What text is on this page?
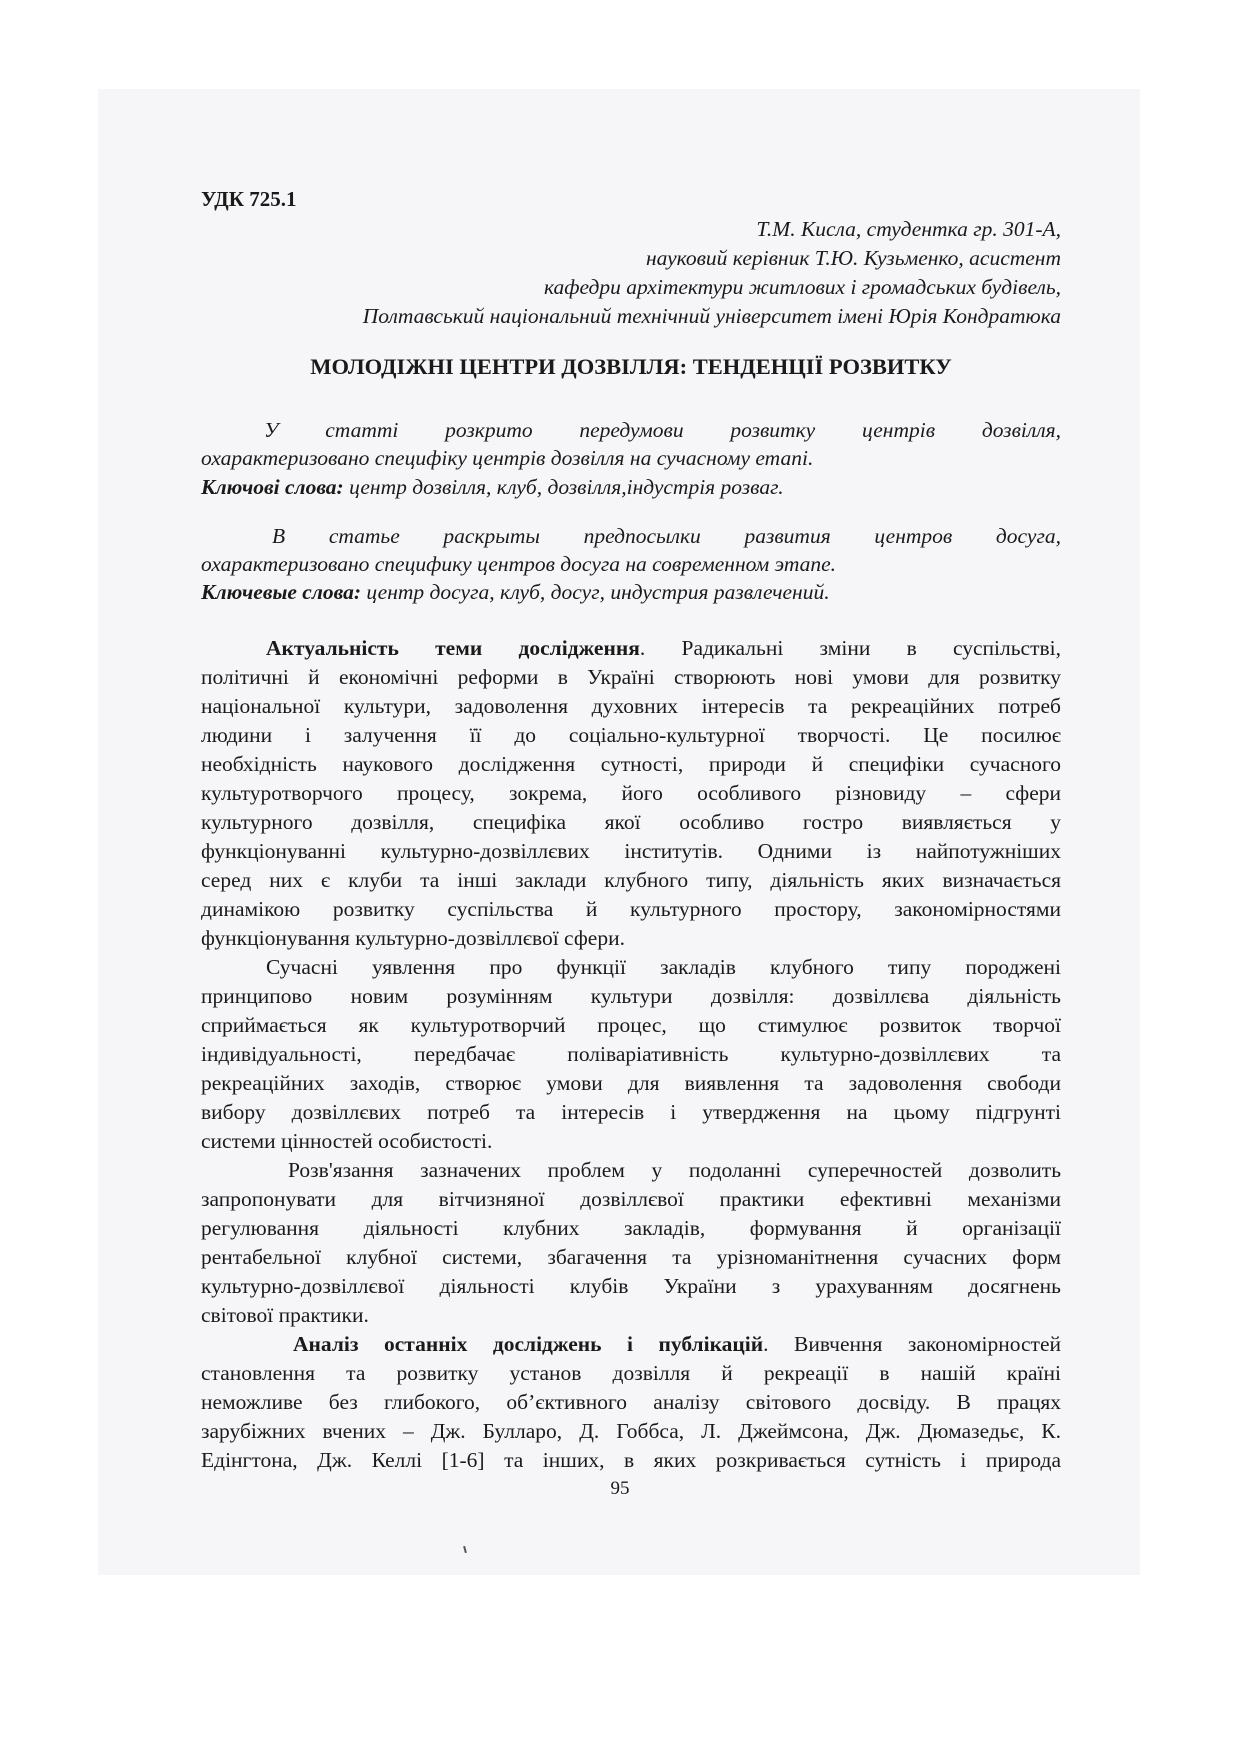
УДК 725.1
Т.М. Кисла, студентка гр. 301-А,
науковий керівник Т.Ю. Кузьменко, асистент
кафедри архітектури житлових і громадських будівель,
Полтавський національний технічний університет імені Юрія Кондратюка
МОЛОДІЖНІ ЦЕНТРИ ДОЗВІЛЛЯ: ТЕНДЕНЦІЇ РОЗВИТКУ
У статті розкрито передумови розвитку центрів дозвілля,
охарактеризовано специфіку центрів дозвілля на сучасному етапі.
Ключові слова: центр дозвілля, клуб, дозвілля,індустрія розваг.
В статье раскрыты предпосылки развития центров досуга,
охарактеризовано специфику центров досуга на современном этапе.
Ключевые слова: центр досуга, клуб, досуг, индустрия развлечений.
Актуальність теми дослідження. Радикальні зміни в суспільстві,
політичні й економічні реформи в Україні створюють нові умови для розвитку
національної культури, задоволення духовних інтересів та рекреаційних потреб
людини і залучення її до соціально-культурної творчості. Це посилює
необхідність наукового дослідження сутності, природи й специфіки сучасного
культуротворчого процесу, зокрема, його особливого різновиду – сфери
культурного дозвілля, специфіка якої особливо гостро виявляється у
функціонуванні культурно-дозвіллєвих інститутів. Одними із найпотужніших
серед них є клуби та інші заклади клубного типу, діяльність яких визначається
динамікою розвитку суспільства й культурного простору, закономірностями
функціонування культурно-дозвіллєвої сфери.
Сучасні уявлення про функції закладів клубного типу породжені
принципово новим розумінням культури дозвілля: дозвіллєва діяльність
сприймається як культуротворчий процес, що стимулює розвиток творчої
індивідуальності, передбачає поліваріативність культурно-дозвіллєвих та
рекреаційних заходів, створює умови для виявлення та задоволення свободи
вибору дозвіллєвих потреб та інтересів і утвердження на цьому підгрунті
системи цінностей особистості.
Розв'язання зазначених проблем у подоланні суперечностей дозволить
запропонувати для вітчизняної дозвіллєвої практики ефективні механізми
регулювання діяльності клубних закладів, формування й організації
рентабельної клубної системи, збагачення та урізноманітнення сучасних форм
культурно-дозвіллєвої діяльності клубів України з урахуванням досягнень
світової практики.
Аналіз останніх досліджень і публікацій. Вивчення закономірностей
становлення та розвитку установ дозвілля й рекреації в нашій країні
неможливе без глибокого, об’єктивного аналізу світового досвіду. В працях
зарубіжних вчених – Дж. Булларо, Д. Гоббса, Л. Джеймсона, Дж. Дюмазедьє, К.
Едінгтона, Дж. Келлі [1-6] та інших, в яких розкривається сутність і природа
95
